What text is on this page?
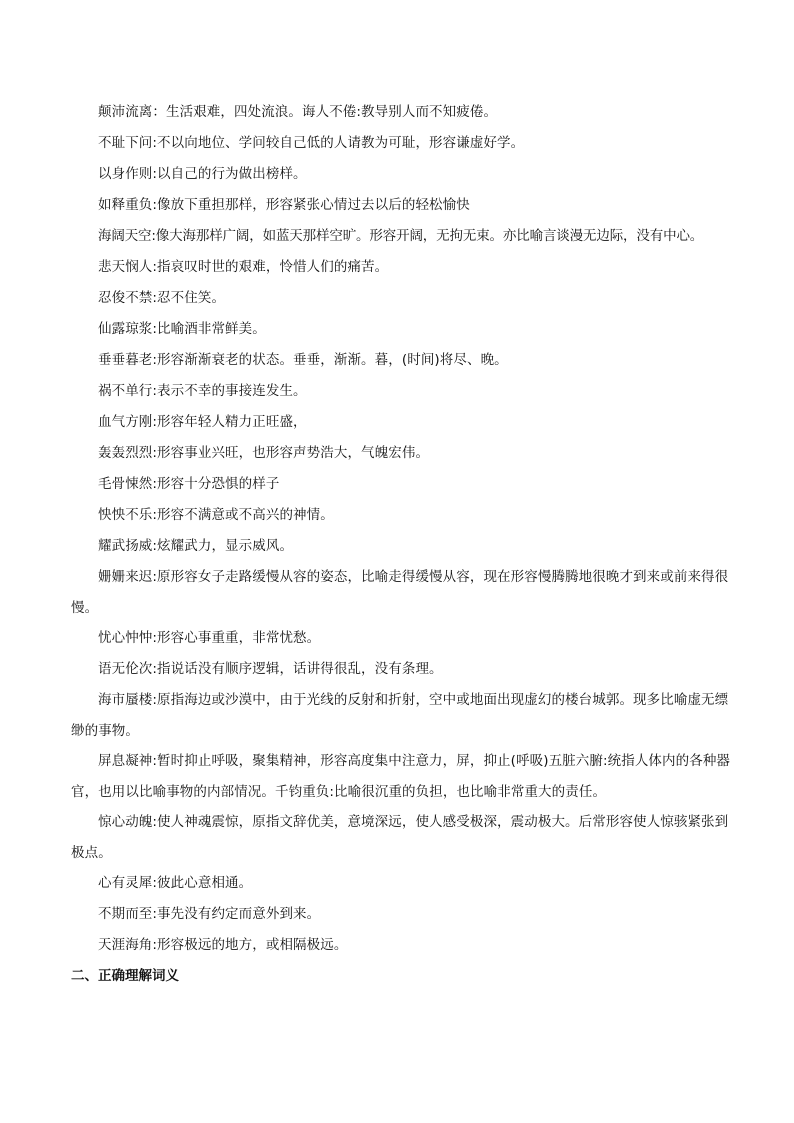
颠沛流离：生活艰难，四处流浪。诲人不倦:教导别人而不知疲倦。

不耻下问:不以向地位、学问较自己低的人请教为可耻，形容谦虚好学。

以身作则:以自己的行为做出榜样。

如释重负:像放下重担那样，形容紧张心情过去以后的轻松愉快

海阔天空:像大海那样广阔，如蓝天那样空旷。形容开阔，无拘无束。亦比喻言谈漫无边际，没有中心。

悲天悯人:指哀叹时世的艰难，怜惜人们的痛苦。

忍俊不禁:忍不住笑。

仙露琼浆:比喻酒非常鲜美。

垂垂暮老:形容渐渐衰老的状态。垂垂，渐渐。暮，(时间)将尽、晚。

祸不单行:表示不幸的事接连发生。

血气方刚:形容年轻人精力正旺盛，

轰轰烈烈:形容事业兴旺，也形容声势浩大，气魄宏伟。

毛骨悚然:形容十分恐惧的样子

怏怏不乐:形容不满意或不高兴的神情。

耀武扬威:炫耀武力，显示威风。

姗姗来迟:原形容女子走路缓慢从容的姿态，比喻走得缓慢从容，现在形容慢腾腾地很晚才到来或前来得很慢。

忧心忡忡:形容心事重重，非常忧愁。

语无伦次:指说话没有顺序逻辑，话讲得很乱，没有条理。

海市蜃楼:原指海边或沙漠中，由于光线的反射和折射，空中或地面出现虚幻的楼台城郭。现多比喻虚无缥缈的事物。

屏息凝神:暂时抑止呼吸，聚集精神，形容高度集中注意力，屏，抑止(呼吸)五脏六腑:统指人体内的各种器官，也用以比喻事物的内部情况。千钧重负:比喻很沉重的负担，也比喻非常重大的责任。

惊心动魄:使人神魂震惊，原指文辞优美，意境深远，使人感受极深，震动极大。后常形容使人惊骇紧张到极点。

心有灵犀:彼此心意相通。

不期而至:事先没有约定而意外到来。

天涯海角:形容极远的地方，或相隔极远。

二、正确理解词义
